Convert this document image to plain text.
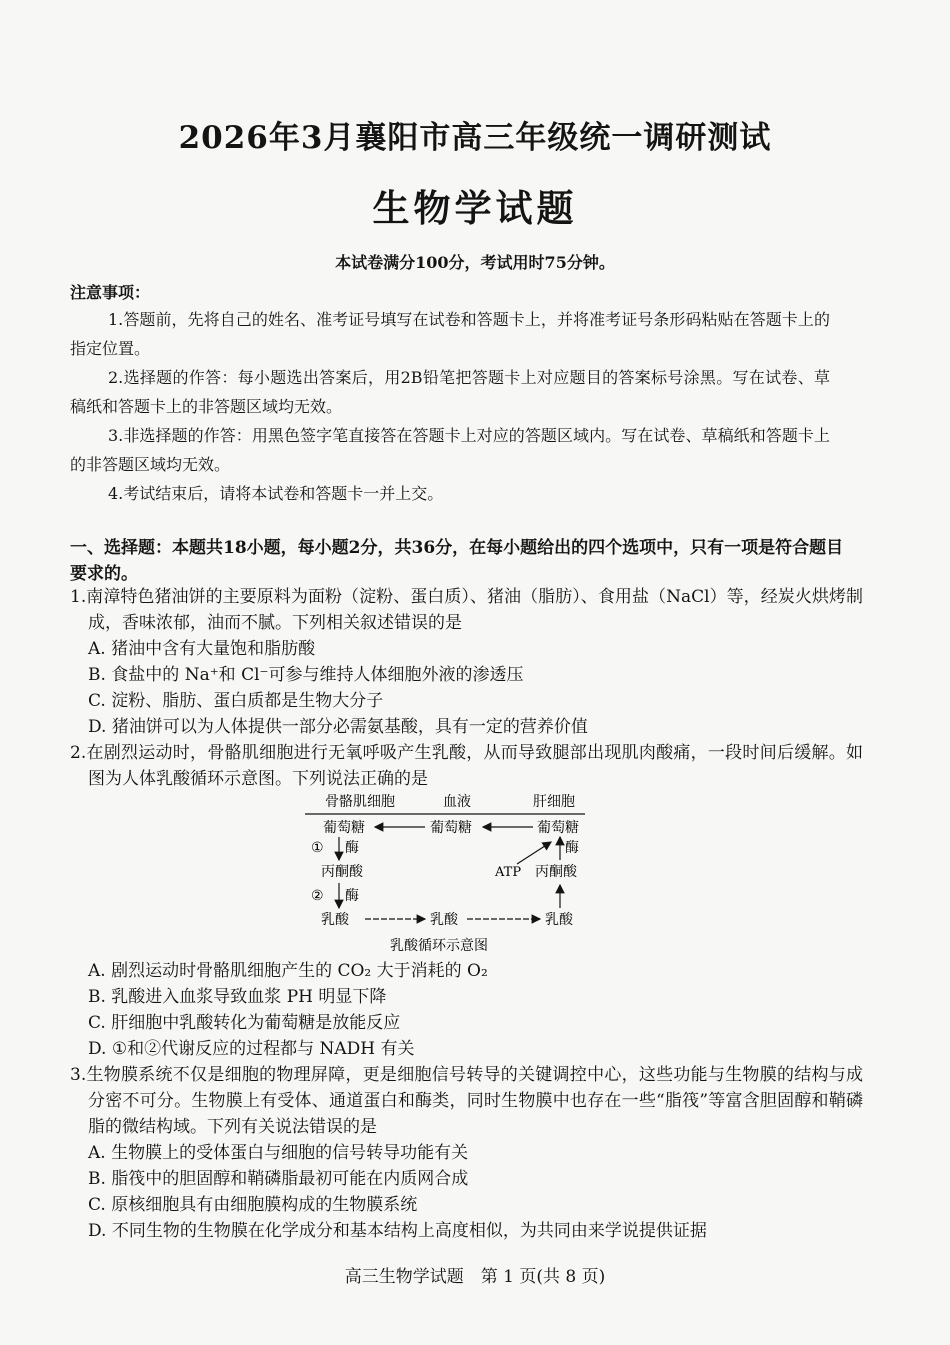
2026年3月襄阳市高三年级统一调研测试
生物学试题
本试卷满分100分，考试用时75分钟。
注意事项：
1.答题前，先将自己的姓名、准考证号填写在试卷和答题卡上，并将准考证号条形码粘贴在答题卡上的指定位置。
2.选择题的作答：每小题选出答案后，用2B铅笔把答题卡上对应题目的答案标号涂黑。写在试卷、草稿纸和答题卡上的非答题区域均无效。
3.非选择题的作答：用黑色签字笔直接答在答题卡上对应的答题区域内。写在试卷、草稿纸和答题卡上的非答题区域均无效。
4.考试结束后，请将本试卷和答题卡一并上交。
一、选择题：本题共18小题，每小题2分，共36分，在每小题给出的四个选项中，只有一项是符合题目要求的。
1.南漳特色猪油饼的主要原料为面粉（淀粉、蛋白质）、猪油（脂肪）、食用盐（NaCl）等，经炭火烘烤制成，香味浓郁，油而不腻。下列相关叙述错误的是
A. 猪油中含有大量饱和脂肪酸
B. 食盐中的 Na⁺和 Cl⁻可参与维持人体细胞外液的渗透压
C. 淀粉、脂肪、蛋白质都是生物大分子
D. 猪油饼可以为人体提供一部分必需氨基酸，具有一定的营养价值
2.在剧烈运动时，骨骼肌细胞进行无氧呼吸产生乳酸，从而导致腿部出现肌肉酸痛，一段时间后缓解。如图为人体乳酸循环示意图。下列说法正确的是
骨骼肌细胞	血液	肝细胞
葡萄糖	葡萄糖	葡萄糖
① 酶
丙酮酸
② 酶
乳酸	乳酸	乳酸
丙酮酸
酶
ATP
乳酸循环示意图
A. 剧烈运动时骨骼肌细胞产生的 CO₂ 大于消耗的 O₂
B. 乳酸进入血浆导致血浆 PH 明显下降
C. 肝细胞中乳酸转化为葡萄糖是放能反应
D. ①和②代谢反应的过程都与 NADH 有关
3.生物膜系统不仅是细胞的物理屏障，更是细胞信号转导的关键调控中心，这些功能与生物膜的结构与成分密不可分。生物膜上有受体、通道蛋白和酶类，同时生物膜中也存在一些“脂筏”等富含胆固醇和鞘磷脂的微结构域。下列有关说法错误的是
A. 生物膜上的受体蛋白与细胞的信号转导功能有关
B. 脂筏中的胆固醇和鞘磷脂最初可能在内质网合成
C. 原核细胞具有由细胞膜构成的生物膜系统
D. 不同生物的生物膜在化学成分和基本结构上高度相似，为共同由来学说提供证据
高三生物学试题　第 1 页(共 8 页)
